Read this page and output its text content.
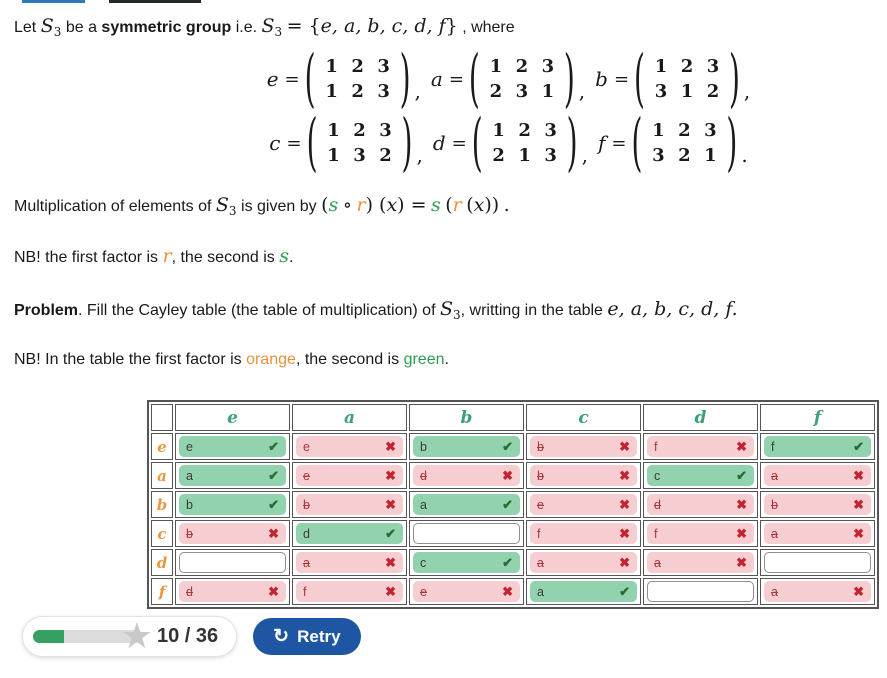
Let $S_3$ be a symmetric group i.e. $S_3 = \{e$, a, b, c, d, f} , where
e = ( 1 2 3
1 2 3 ) , a = ( 1 2 3
2 3 1 ) , b = ( 1 2 3
3 1 2 ) ,
c = ( 1 2 3
1 3 2 ) , d = ( 1 2 3
2 1 3 ) , f = ( 1 2 3
3 2 1 ) .
Multiplication of elements of $S_3$ is given by (s ∘ r) (x) = s (r (x)) .
NB! the first factor is r, the second is s.
Problem. Fill the Cayley table (the table of multiplication) of $S_3$, writting in the table e, a, b, c, d, f.
NB! In the table the first factor is orange, the second is green.
	e	a	b	c	d	f
e	e ✔	e ✖	b ✔	b ✖	f ✖	f ✔

a	a ✔	e ✖	d ✖	b ✖	c ✔	a ✖

b	b ✔	b ✖	a ✔	e ✖	d ✖	b ✖

c	b ✖	d ✔		f ✖	f ✖	a ✖

d		a ✖	c ✔	a ✖	a ✖	

f	d ✖	f ✖	e ✖	a ✔		a ✖
★ 10 / 36	↻ Retry
